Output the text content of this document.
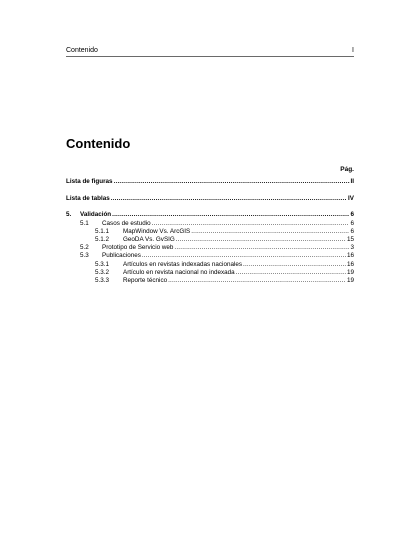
Contenido	I
Contenido
Pág.
Lista de figuras .....	II
Lista de tablas .....	IV
5.	Validación .....	6
5.1	Casos de estudio .....	6
5.1.1	MapWindow Vs. ArcGIS .....	6
5.1.2	GeoDA Vs. GvSIG .....	15
5.2	Prototipo de Servicio web .....	3
5.3	Publicaciones .....	16
5.3.1	Artículos en revistas indexadas nacionales .....	16
5.3.2	Artículo en revista nacional no indexada .....	19
5.3.3	Reporte técnico .....	19
